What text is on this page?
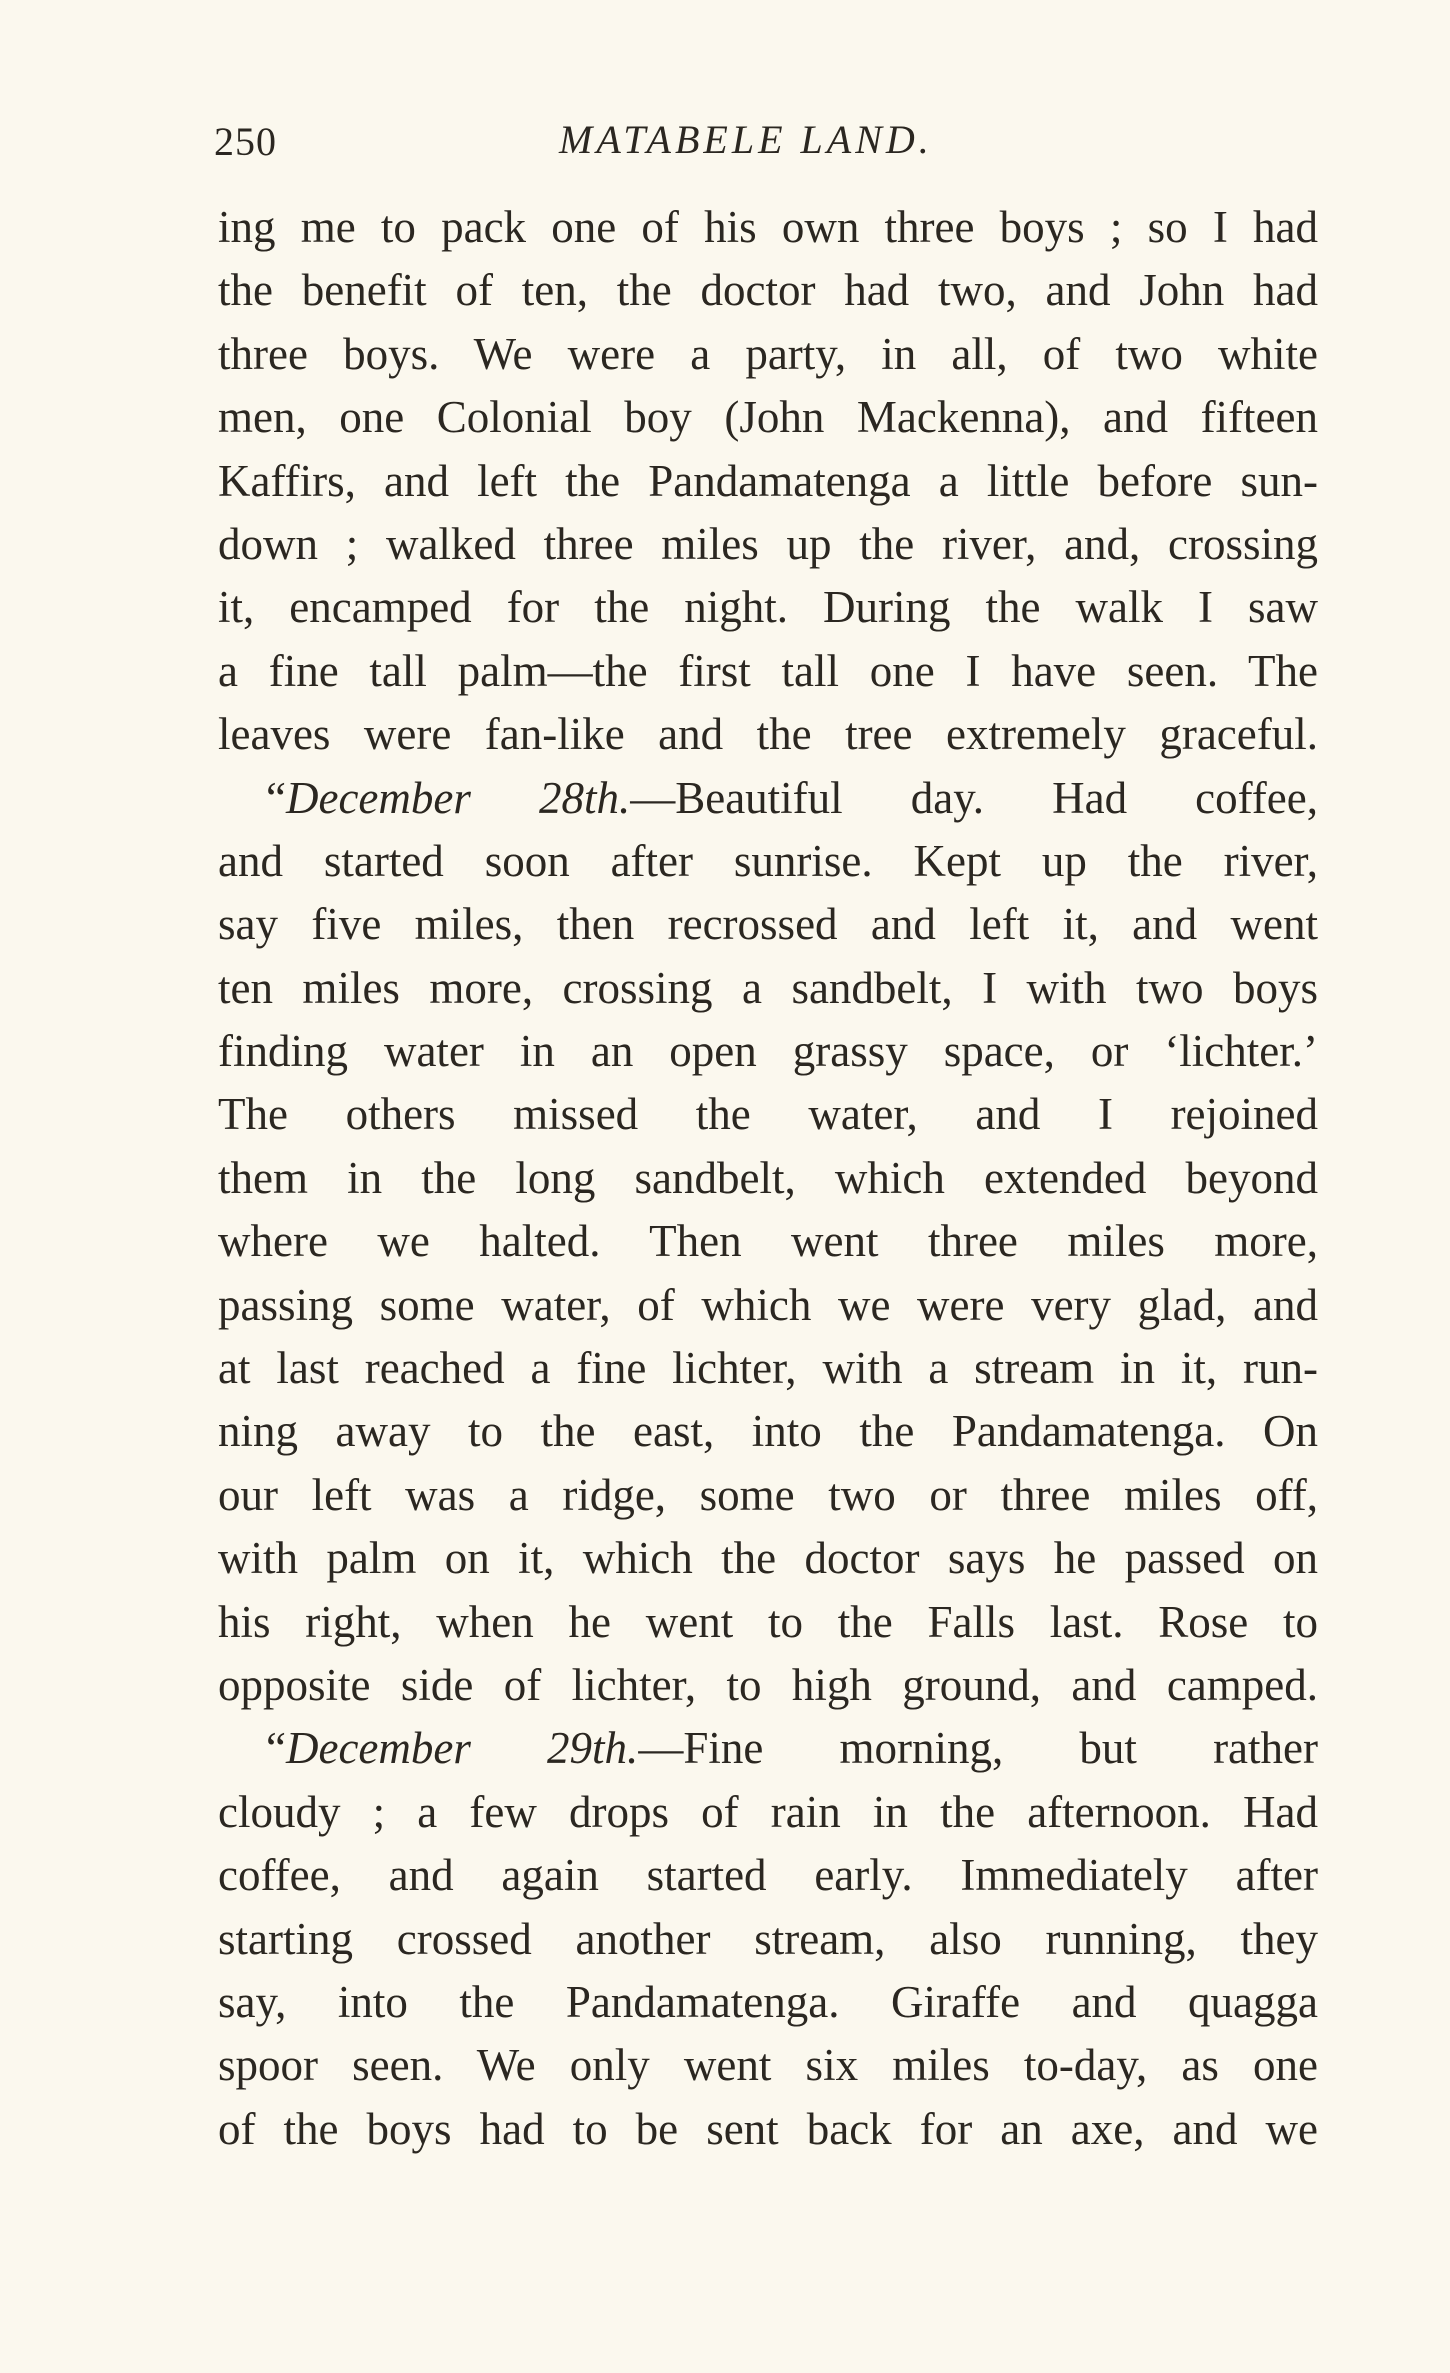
250	MATABELE LAND.
ing me to pack one of his own three boys ; so I had
the benefit of ten, the doctor had two, and John had
three boys. We were a party, in all, of two white
men, one Colonial boy (John Mackenna), and fifteen
Kaffirs, and left the Pandamatenga a little before sun-
down ; walked three miles up the river, and, crossing
it, encamped for the night. During the walk I saw
a fine tall palm—the first tall one I have seen. The
leaves were fan-like and the tree extremely graceful.
“December 28th.—Beautiful day. Had coffee,
and started soon after sunrise. Kept up the river,
say five miles, then recrossed and left it, and went
ten miles more, crossing a sandbelt, I with two boys
finding water in an open grassy space, or ‘lichter.’
The others missed the water, and I rejoined
them in the long sandbelt, which extended beyond
where we halted. Then went three miles more,
passing some water, of which we were very glad, and
at last reached a fine lichter, with a stream in it, run-
ning away to the east, into the Pandamatenga. On
our left was a ridge, some two or three miles off,
with palm on it, which the doctor says he passed on
his right, when he went to the Falls last. Rose to
opposite side of lichter, to high ground, and camped.
“December 29th.—Fine morning, but rather
cloudy ; a few drops of rain in the afternoon. Had
coffee, and again started early. Immediately after
starting crossed another stream, also running, they
say, into the Pandamatenga. Giraffe and quagga
spoor seen. We only went six miles to-day, as one
of the boys had to be sent back for an axe, and we
